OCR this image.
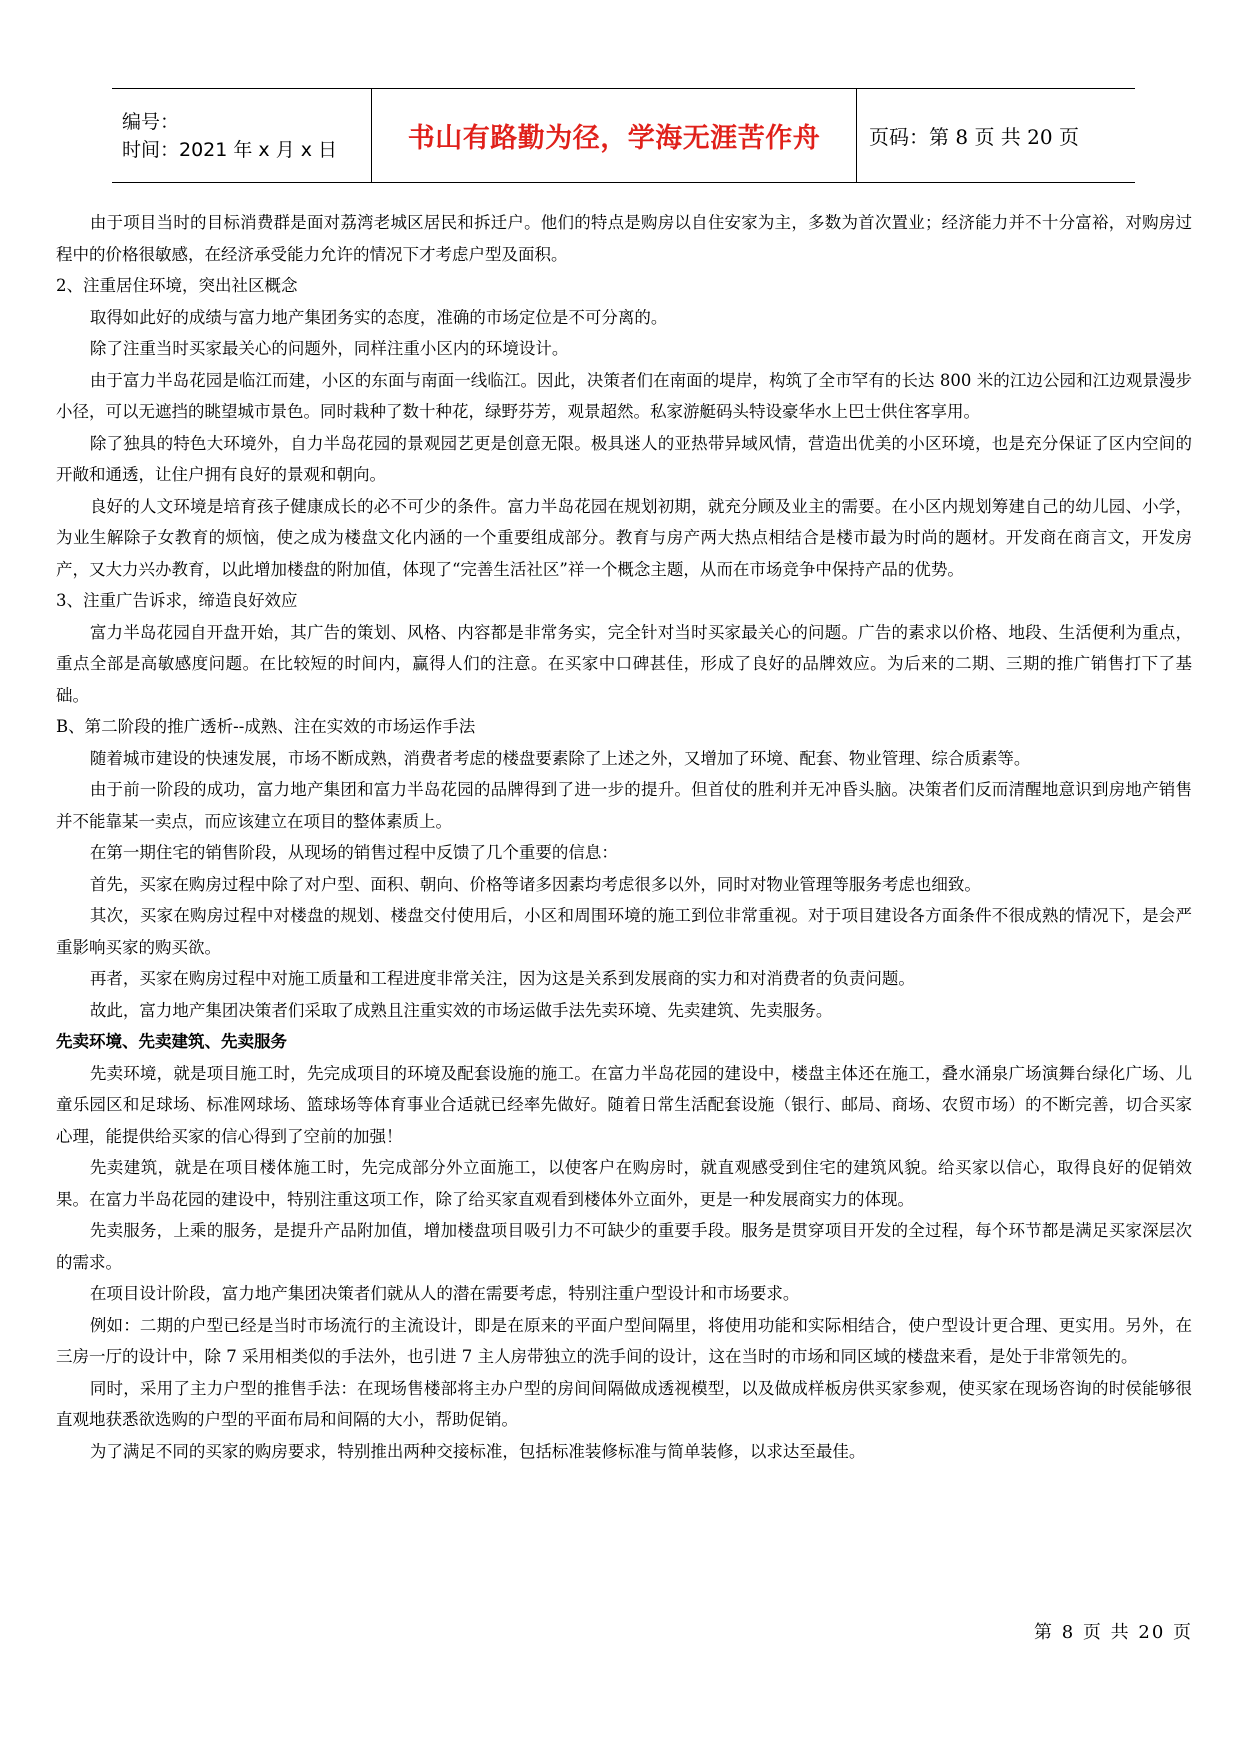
编号：
时间：2021 年 x 月 x 日	书山有路勤为径，学海无涯苦作舟 页码：第 8 页 共 20 页

由于项目当时的目标消费群是面对荔湾老城区居民和拆迁户。他们的特点是购房以自住安家为主，多数为首次置业；经济能力并不十分富裕，对购房过程中的价格很敏感，在经济承受能力允许的情况下才考虑户型及面积。

2、注重居住环境，突出社区概念

取得如此好的成绩与富力地产集团务实的态度，准确的市场定位是不可分离的。

除了注重当时买家最关心的问题外，同样注重小区内的环境设计。

由于富力半岛花园是临江而建，小区的东面与南面一线临江。因此，决策者们在南面的堤岸，构筑了全市罕有的长达 800 米的江边公园和江边观景漫步小径，可以无遮挡的眺望城市景色。同时栽种了数十种花，绿野芬芳，观景超然。私家游艇码头特设豪华水上巴士供住客享用。

除了独具的特色大环境外，自力半岛花园的景观园艺更是创意无限。极具迷人的亚热带异域风情，营造出优美的小区环境，也是充分保证了区内空间的开敞和通透，让住户拥有良好的景观和朝向。

良好的人文环境是培育孩子健康成长的必不可少的条件。富力半岛花园在规划初期，就充分顾及业主的需要。在小区内规划筹建自己的幼儿园、小学，为业生解除子女教育的烦恼，使之成为楼盘文化内涵的一个重要组成部分。教育与房产两大热点相结合是楼市最为时尚的题材。开发商在商言文，开发房产，又大力兴办教育，以此增加楼盘的附加值，体现了“完善生活社区”祥一个概念主题，从而在市场竞争中保持产品的优势。

3、注重广告诉求，缔造良好效应

富力半岛花园自开盘开始，其广告的策划、风格、内容都是非常务实，完全针对当时买家最关心的问题。广告的素求以价格、地段、生活便利为重点，重点全部是高敏感度问题。在比较短的时间内，赢得人们的注意。在买家中口碑甚佳，形成了良好的品牌效应。为后来的二期、三期的推广销售打下了基础。

B、第二阶段的推广透析--成熟、注在实效的市场运作手法

随着城市建设的快速发展，市场不断成熟，消费者考虑的楼盘要素除了上述之外，又增加了环境、配套、物业管理、综合质素等。

由于前一阶段的成功，富力地产集团和富力半岛花园的品牌得到了进一步的提升。但首仗的胜利并无冲昏头脑。决策者们反而清醒地意识到房地产销售并不能靠某一卖点，而应该建立在项目的整体素质上。

在第一期住宅的销售阶段，从现场的销售过程中反馈了几个重要的信息：

首先，买家在购房过程中除了对户型、面积、朝向、价格等诸多因素均考虑很多以外，同时对物业管理等服务考虑也细致。

其次，买家在购房过程中对楼盘的规划、楼盘交付使用后，小区和周围环境的施工到位非常重视。对于项目建设各方面条件不很成熟的情况下，是会严重影响买家的购买欲。

再者，买家在购房过程中对施工质量和工程进度非常关注，因为这是关系到发展商的实力和对消费者的负责问题。

故此，富力地产集团决策者们采取了成熟且注重实效的市场运做手法先卖环境、先卖建筑、先卖服务。

先卖环境、先卖建筑、先卖服务

先卖环境，就是项目施工时，先完成项目的环境及配套设施的施工。在富力半岛花园的建设中，楼盘主体还在施工，叠水涌泉广场演舞台绿化广场、儿童乐园区和足球场、标准网球场、篮球场等体育事业合适就已经率先做好。随着日常生活配套设施（银行、邮局、商场、农贸市场）的不断完善，切合买家心理，能提供给买家的信心得到了空前的加强！

先卖建筑，就是在项目楼体施工时，先完成部分外立面施工，以使客户在购房时，就直观感受到住宅的建筑风貌。给买家以信心，取得良好的促销效果。在富力半岛花园的建设中，特别注重这项工作，除了给买家直观看到楼体外立面外，更是一种发展商实力的体现。

先卖服务，上乘的服务，是提升产品附加值，增加楼盘项目吸引力不可缺少的重要手段。服务是贯穿项目开发的全过程，每个环节都是满足买家深层次的需求。

在项目设计阶段，富力地产集团决策者们就从人的潜在需要考虑，特别注重户型设计和市场要求。

例如：二期的户型已经是当时市场流行的主流设计，即是在原来的平面户型间隔里，将使用功能和实际相结合，使户型设计更合理、更实用。另外，在三房一厅的设计中，除 7 采用相类似的手法外，也引进 7 主人房带独立的洗手间的设计，这在当时的市场和同区域的楼盘来看，是处于非常领先的。

同时，采用了主力户型的推售手法：在现场售楼部将主办户型的房间间隔做成透视模型，以及做成样板房供买家参观，使买家在现场咨询的时侯能够很直观地获悉欲选购的户型的平面布局和间隔的大小，帮助促销。

为了满足不同的买家的购房要求，特别推出两种交接标准，包括标准装修标准与简单装修，以求达至最佳。

第 8 页 共 20 页
